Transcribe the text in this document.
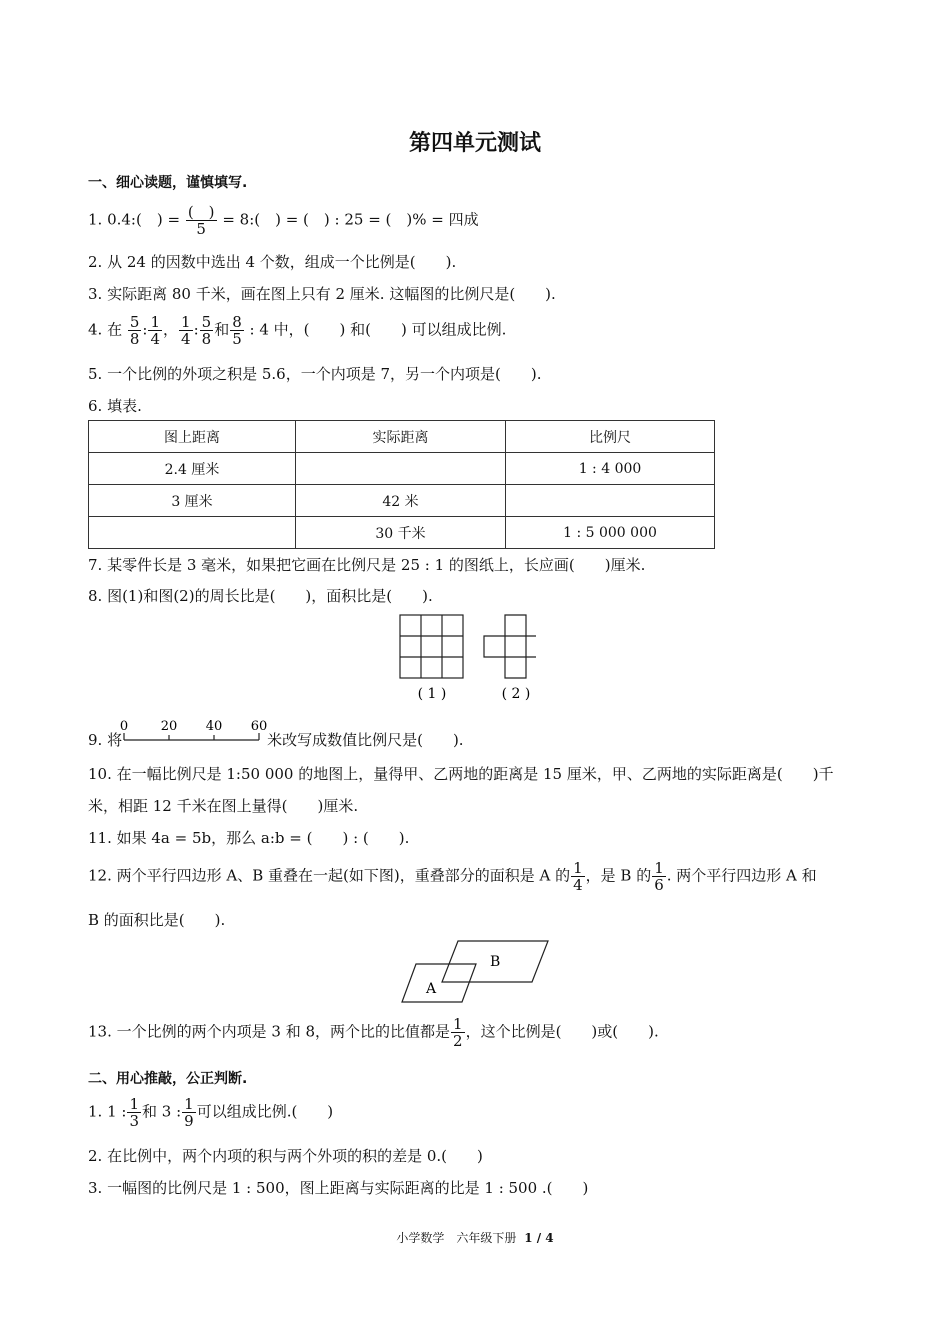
第四单元测试
一、细心读题，谨慎填写.
1. 0.4:(　) = $\frac{( )}{5}$ = 8:(　) = (　) : 25 = (　)% = 四成
2. 从 24 的因数中选出 4 个数，组成一个比例是(　　).
3. 实际距离 80 千米，画在图上只有 2 厘米. 这幅图的比例尺是(　　).
4. 在 $\frac{5}{8}$ : $\frac{1}{4}$ ， $\frac{1}{4}$ : $\frac{5}{8}$ 和 $\frac{8}{5}$ : 4 中，(　　) 和(　　) 可以组成比例.
5. 一个比例的外项之积是 5.6，一个内项是 7，另一个内项是(　　).
6. 填表.
图上距离	实际距离	比例尺
2.4 厘米		1 : 4 000
3 厘米	42 米	
	30 千米	1 : 5 000 000
7. 某零件长是 3 毫米，如果把它画在比例尺是 25 : 1 的图纸上，长应画(　　)厘米.
8. 图(1)和图(2)的周长比是(　　)，面积比是(　　).
( 1 )	( 2 )
9. 将	米改写成数值比例尺是(　　).
0	20 40 60
10. 在一幅比例尺是 1:50 000 的地图上，量得甲、乙两地的距离是 15 厘米，甲、乙两地的实际距离是(　　)千
米，相距 12 千米在图上量得(　　)厘米.
11. 如果 4a = 5b，那么 a:b = (　　) : (　　).
12. 两个平行四边形 A、B 重叠在一起(如下图)，重叠部分的面积是 A 的 $\frac{1}{4}$ ，是 B 的 $\frac{1}{6}$ . 两个平行四边形 A 和
B 的面积比是(　　).
A
B
13. 一个比例的两个内项是 3 和 8，两个比的比值都是 $\frac{1}{2}$ ，这个比例是(　　)或(　　).
二、用心推敲，公正判断.
1. 1 : $\frac{1}{3}$ 和 3 : $\frac{1}{9}$ 可以组成比例.(　　)
2. 在比例中，两个内项的积与两个外项的积的差是 0.(　　)
3. 一幅图的比例尺是 1 : 500，图上距离与实际距离的比是 1 : 500 .(　　)
小学数学　六年级下册 1 / 4
